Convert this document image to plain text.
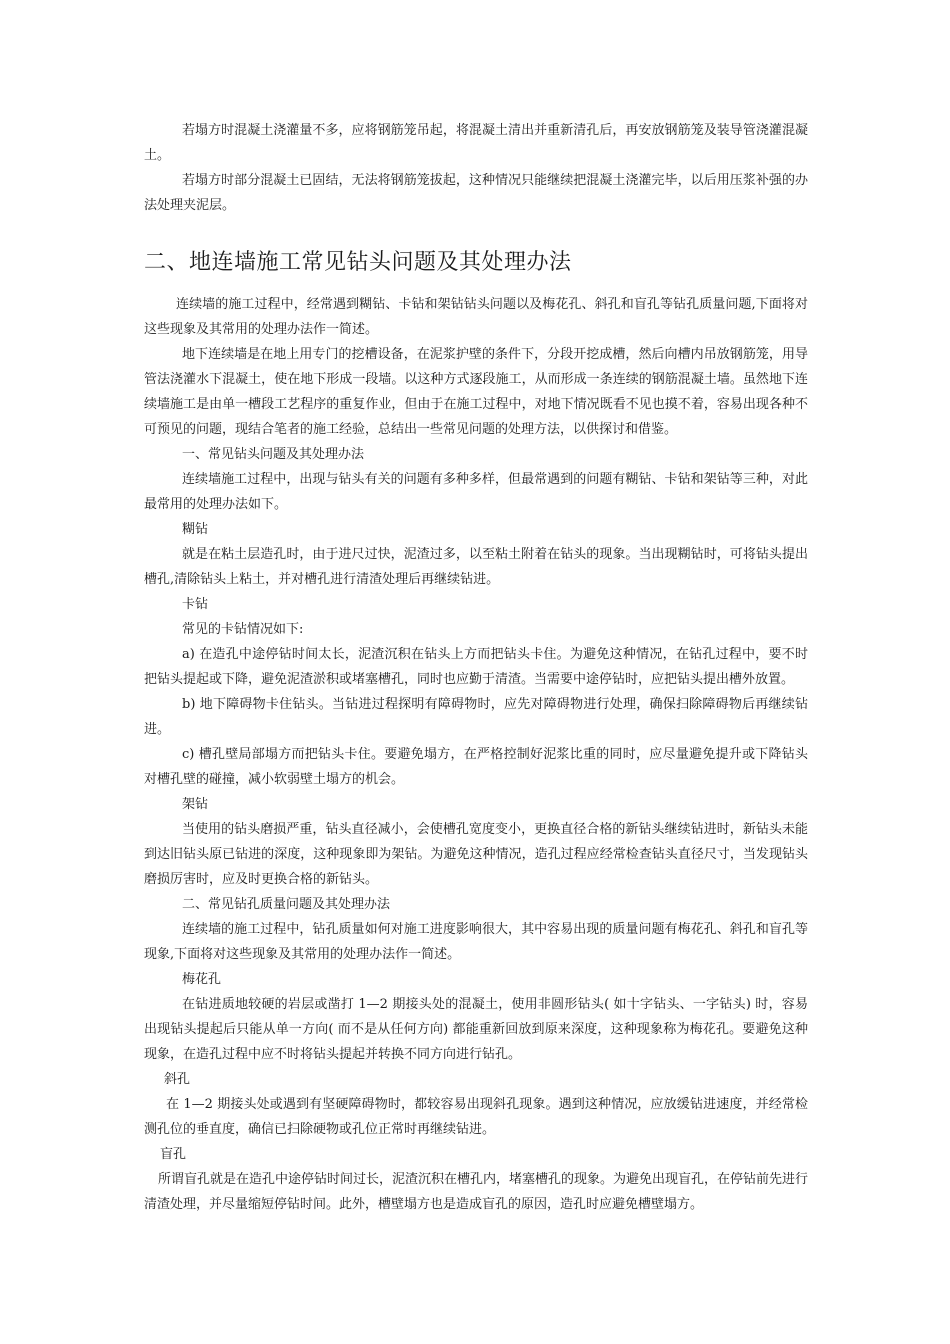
若塌方时混凝土浇灌量不多，应将钢筋笼吊起，将混凝土清出并重新清孔后，再安放钢筋笼及装导管浇灌混凝土。

若塌方时部分混凝土已固结，无法将钢筋笼拔起，这种情况只能继续把混凝土浇灌完毕，以后用压浆补强的办法处理夹泥层。

二、地连墙施工常见钻头问题及其处理办法

连续墙的施工过程中，经常遇到糊钻、卡钻和架钻钻头问题以及梅花孔、斜孔和盲孔等钻孔质量问题,下面将对这些现象及其常用的处理办法作一简述。

地下连续墙是在地上用专门的挖槽设备，在泥浆护壁的条件下，分段开挖成槽，然后向槽内吊放钢筋笼，用导管法浇灌水下混凝土，使在地下形成一段墙。以这种方式逐段施工，从而形成一条连续的钢筋混凝土墙。虽然地下连续墙施工是由单一槽段工艺程序的重复作业，但由于在施工过程中，对地下情况既看不见也摸不着，容易出现各种不可预见的问题，现结合笔者的施工经验，总结出一些常见问题的处理方法，以供探讨和借鉴。

一、常见钻头问题及其处理办法

连续墙施工过程中，出现与钻头有关的问题有多种多样，但最常遇到的问题有糊钻、卡钻和架钻等三种，对此最常用的处理办法如下。

糊钻

就是在粘土层造孔时，由于进尺过快，泥渣过多，以至粘土附着在钻头的现象。当出现糊钻时，可将钻头提出槽孔,清除钻头上粘土，并对槽孔进行清渣处理后再继续钻进。

卡钻

常见的卡钻情况如下:

a) 在造孔中途停钻时间太长，泥渣沉积在钻头上方而把钻头卡住。为避免这种情况，在钻孔过程中，要不时把钻头提起或下降，避免泥渣淤积或堵塞槽孔，同时也应勤于清渣。当需要中途停钻时，应把钻头提出槽外放置。

b) 地下障碍物卡住钻头。当钻进过程探明有障碍物时，应先对障碍物进行处理，确保扫除障碍物后再继续钻进。

c) 槽孔壁局部塌方而把钻头卡住。要避免塌方，在严格控制好泥浆比重的同时，应尽量避免提升或下降钻头对槽孔壁的碰撞，减小软弱壁土塌方的机会。

架钻

当使用的钻头磨损严重，钻头直径减小，会使槽孔宽度变小，更换直径合格的新钻头继续钻进时，新钻头未能到达旧钻头原已钻进的深度，这种现象即为架钻。为避免这种情况，造孔过程应经常检查钻头直径尺寸，当发现钻头磨损厉害时，应及时更换合格的新钻头。

二、常见钻孔质量问题及其处理办法

连续墙的施工过程中，钻孔质量如何对施工进度影响很大，其中容易出现的质量问题有梅花孔、斜孔和盲孔等现象,下面将对这些现象及其常用的处理办法作一简述。

梅花孔

在钻进质地较硬的岩层或凿打 1—2 期接头处的混凝土，使用非圆形钻头( 如十字钻头、一字钻头) 时，容易出现钻头提起后只能从单一方向( 而不是从任何方向) 都能重新回放到原来深度，这种现象称为梅花孔。要避免这种现象，在造孔过程中应不时将钻头提起并转换不同方向进行钻孔。

斜孔

在 1—2 期接头处或遇到有坚硬障碍物时，都较容易出现斜孔现象。遇到这种情况，应放缓钻进速度，并经常检测孔位的垂直度，确信已扫除硬物或孔位正常时再继续钻进。

盲孔

所谓盲孔就是在造孔中途停钻时间过长，泥渣沉积在槽孔内，堵塞槽孔的现象。为避免出现盲孔，在停钻前先进行清渣处理，并尽量缩短停钻时间。此外，槽壁塌方也是造成盲孔的原因，造孔时应避免槽壁塌方。
